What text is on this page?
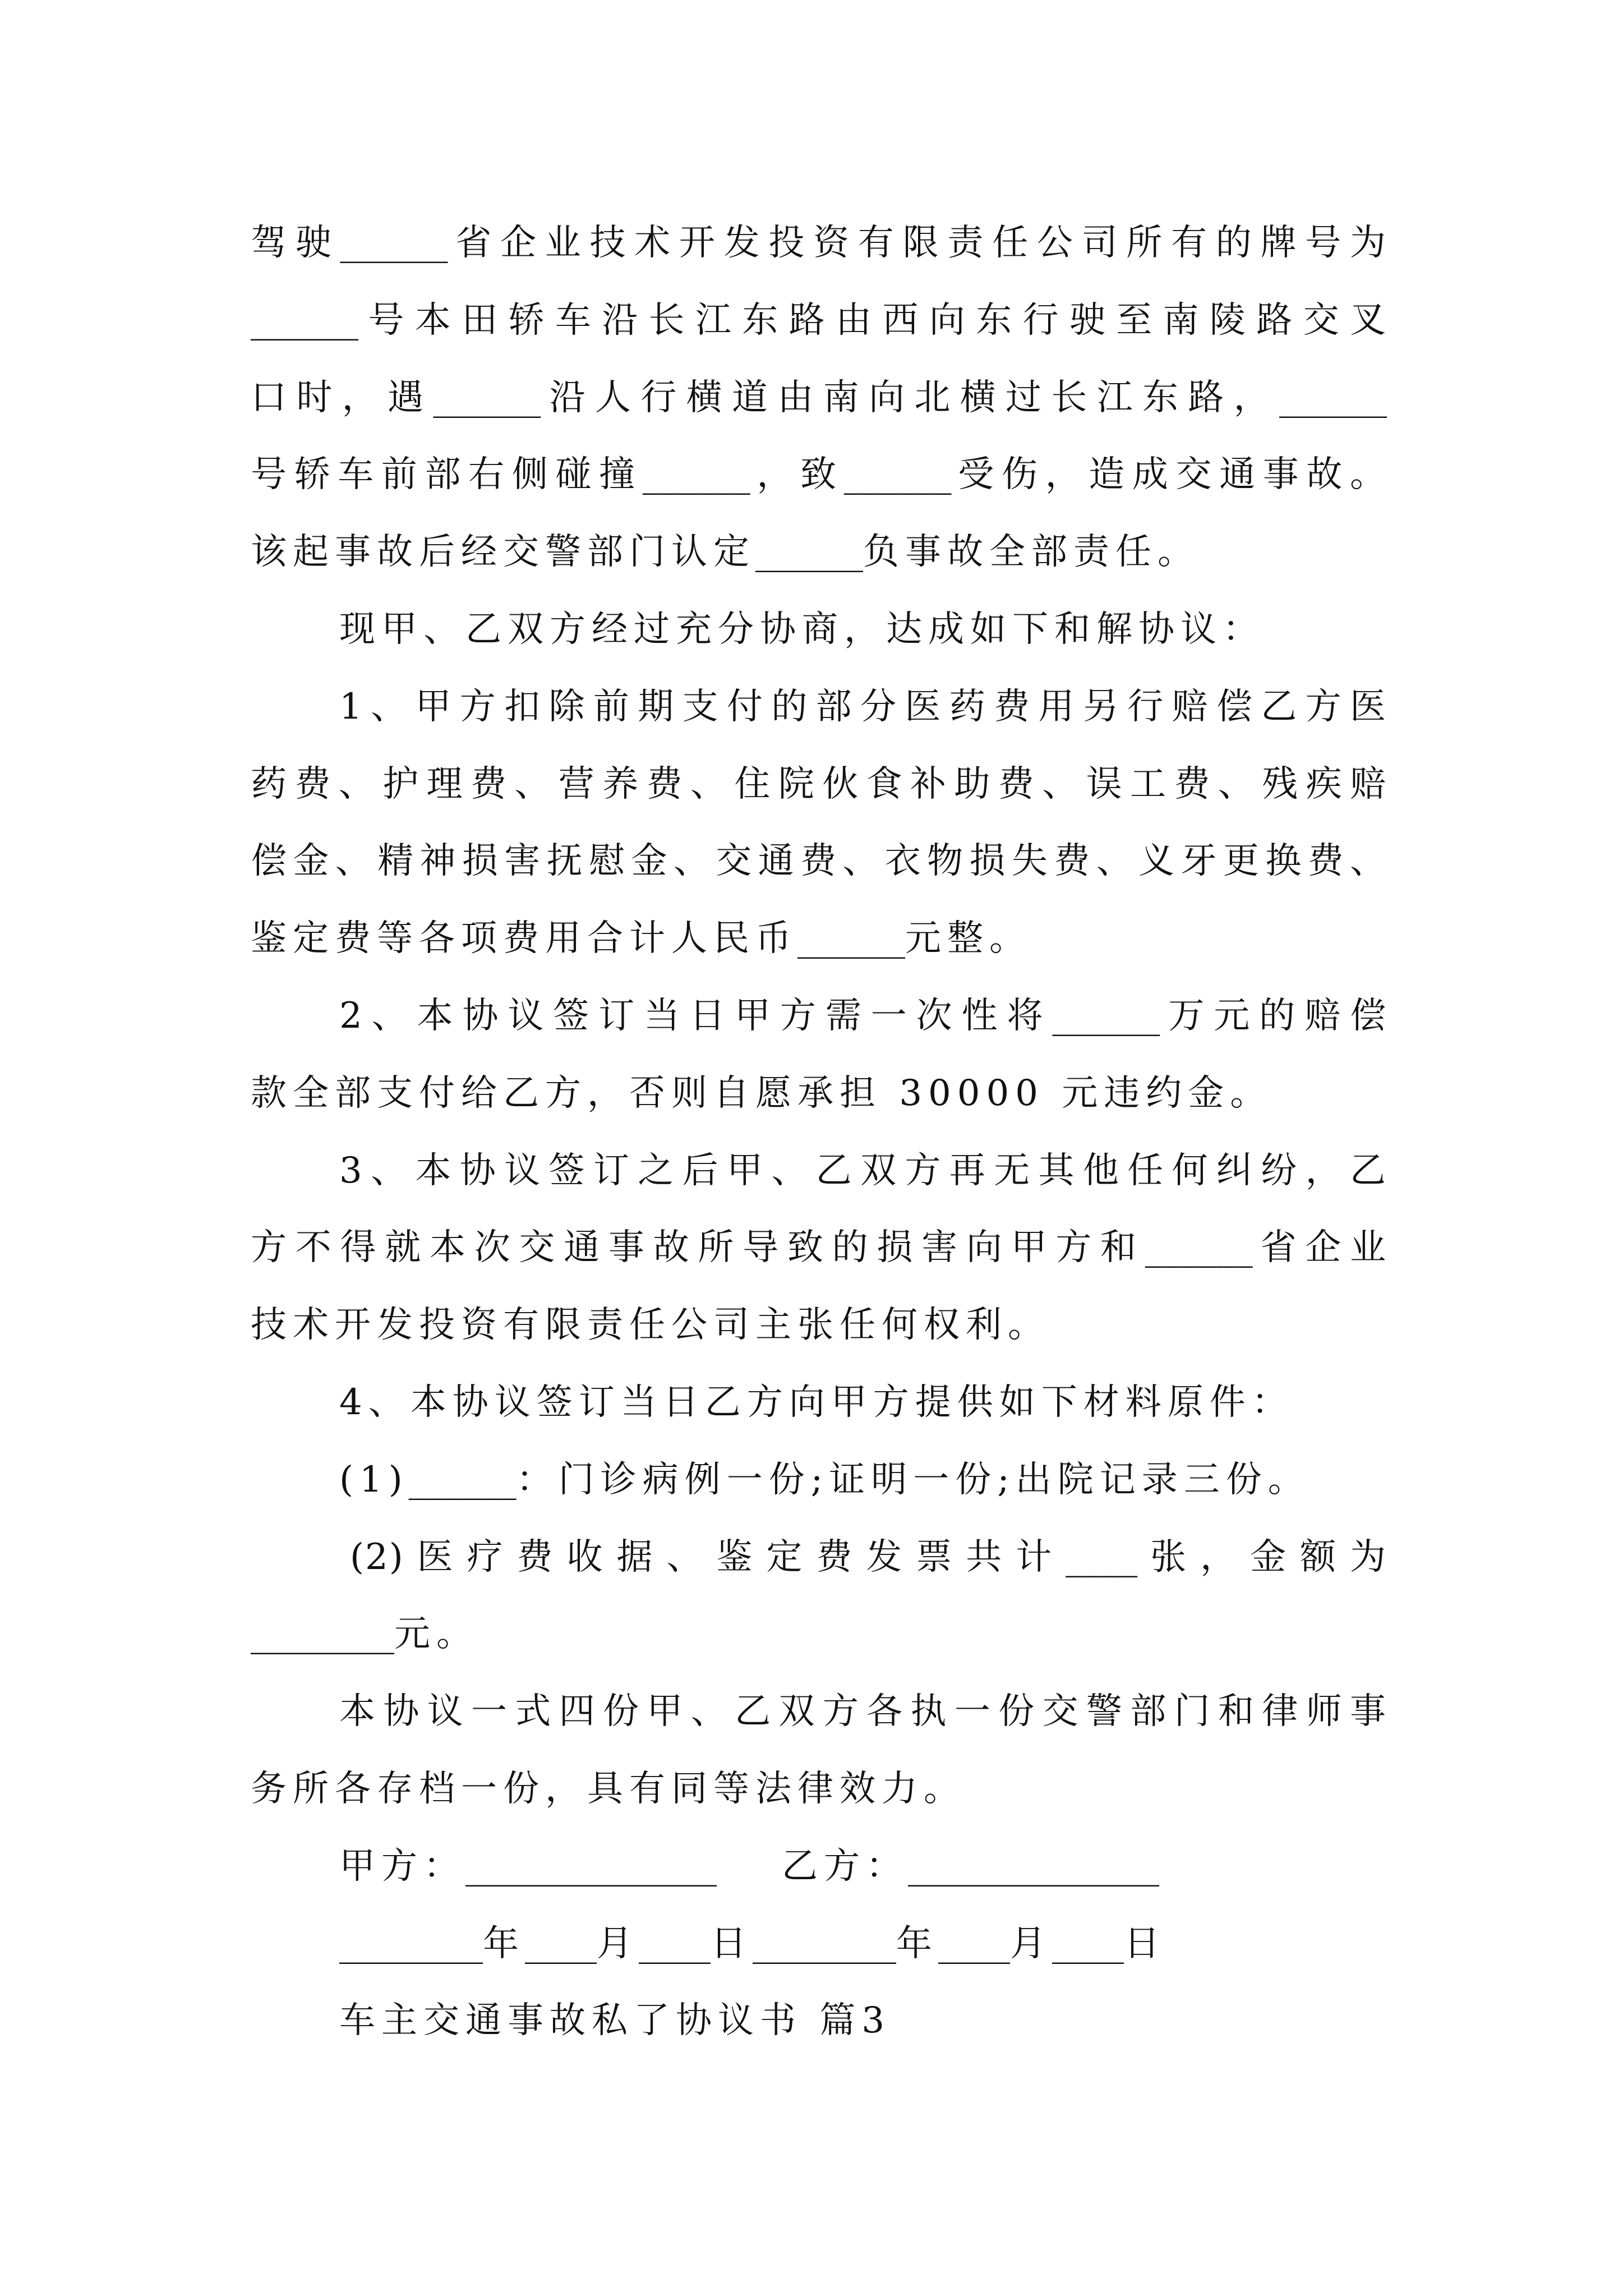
驾驶______省企业技术开发投资有限责任公司所有的牌号为
______号本田轿车沿长江东路由西向东行驶至南陵路交叉
口时，遇______沿人行横道由南向北横过长江东路，______
号轿车前部右侧碰撞______，致______受伤，造成交通事故。
该起事故后经交警部门认定______负事故全部责任。
现甲、乙双方经过充分协商，达成如下和解协议：
1、甲方扣除前期支付的部分医药费用另行赔偿乙方医
药费、护理费、营养费、住院伙食补助费、误工费、残疾赔
偿金、精神损害抚慰金、交通费、衣物损失费、义牙更换费、
鉴定费等各项费用合计人民币______元整。
2、本协议签订当日甲方需一次性将______万元的赔偿
款全部支付给乙方，否则自愿承担 30000 元违约金。
3、本协议签订之后甲、乙双方再无其他任何纠纷，乙
方不得就本次交通事故所导致的损害向甲方和______省企业
技术开发投资有限责任公司主张任何权利。
4、本协议签订当日乙方向甲方提供如下材料原件：
(1)______：门诊病例一份;证明一份;出院记录三份。
(2)医疗费收据、鉴定费发票共计____张，金额为
________元。
本协议一式四份甲、乙双方各执一份交警部门和律师事
务所各存档一份，具有同等法律效力。
甲方：______________ 乙方：______________
________年____月____日________年____月____日
车主交通事故私了协议书 篇3
